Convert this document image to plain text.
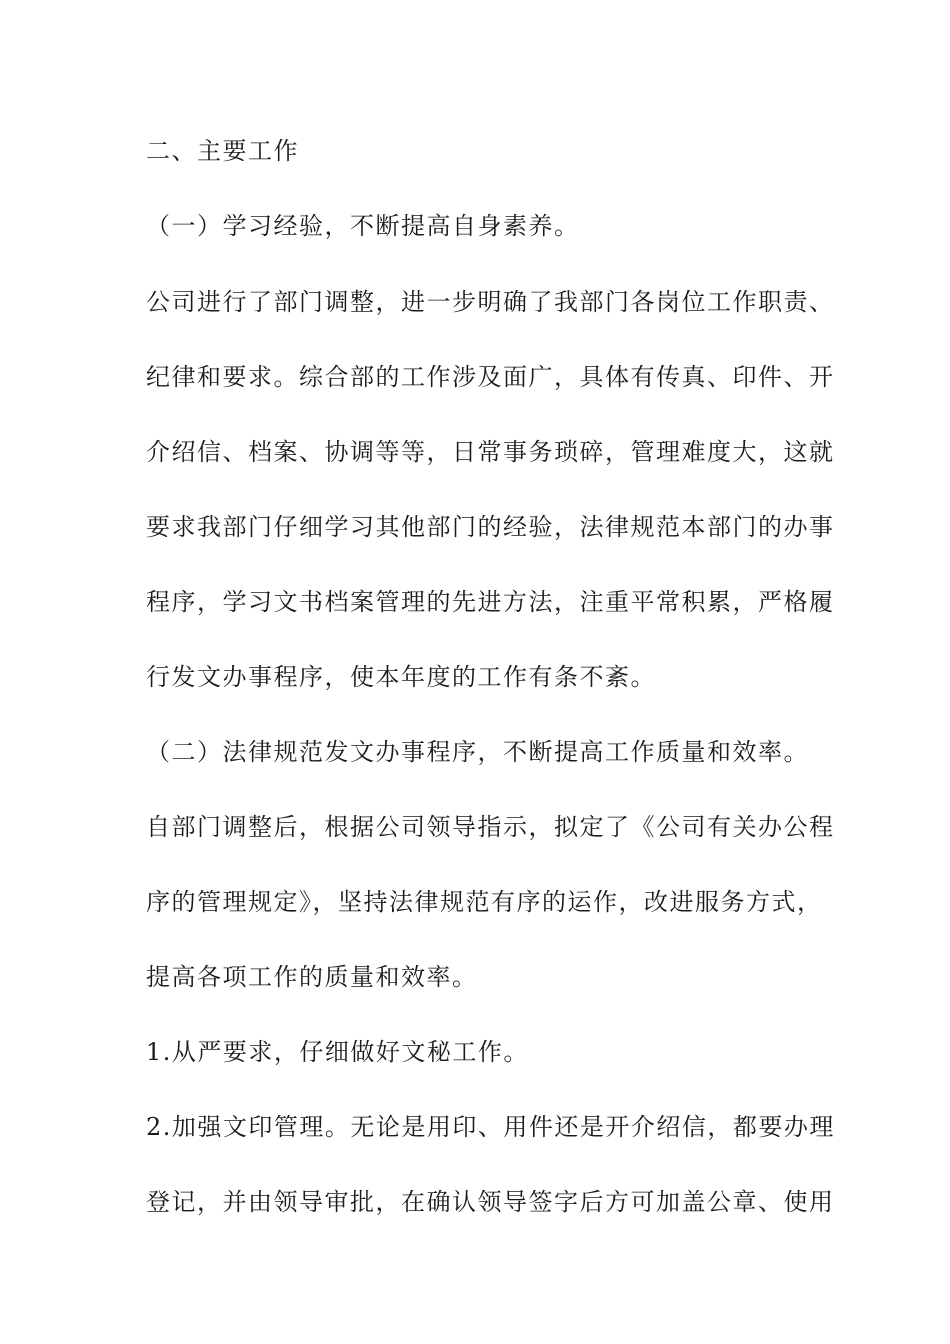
二、主要工作
（一）学习经验，不断提高自身素养。
公司进行了部门调整，进一步明确了我部门各岗位工作职责、
纪律和要求。综合部的工作涉及面广，具体有传真、印件、开
介绍信、档案、协调等等，日常事务琐碎，管理难度大，这就
要求我部门仔细学习其他部门的经验，法律规范本部门的办事
程序，学习文书档案管理的先进方法，注重平常积累，严格履
行发文办事程序，使本年度的工作有条不紊。
（二）法律规范发文办事程序，不断提高工作质量和效率。
自部门调整后，根据公司领导指示，拟定了《公司有关办公程
序的管理规定》，坚持法律规范有序的运作，改进服务方式，
提高各项工作的质量和效率。
1.从严要求，仔细做好文秘工作。
2.加强文印管理。无论是用印、用件还是开介绍信，都要办理
登记，并由领导审批，在确认领导签字后方可加盖公章、使用
